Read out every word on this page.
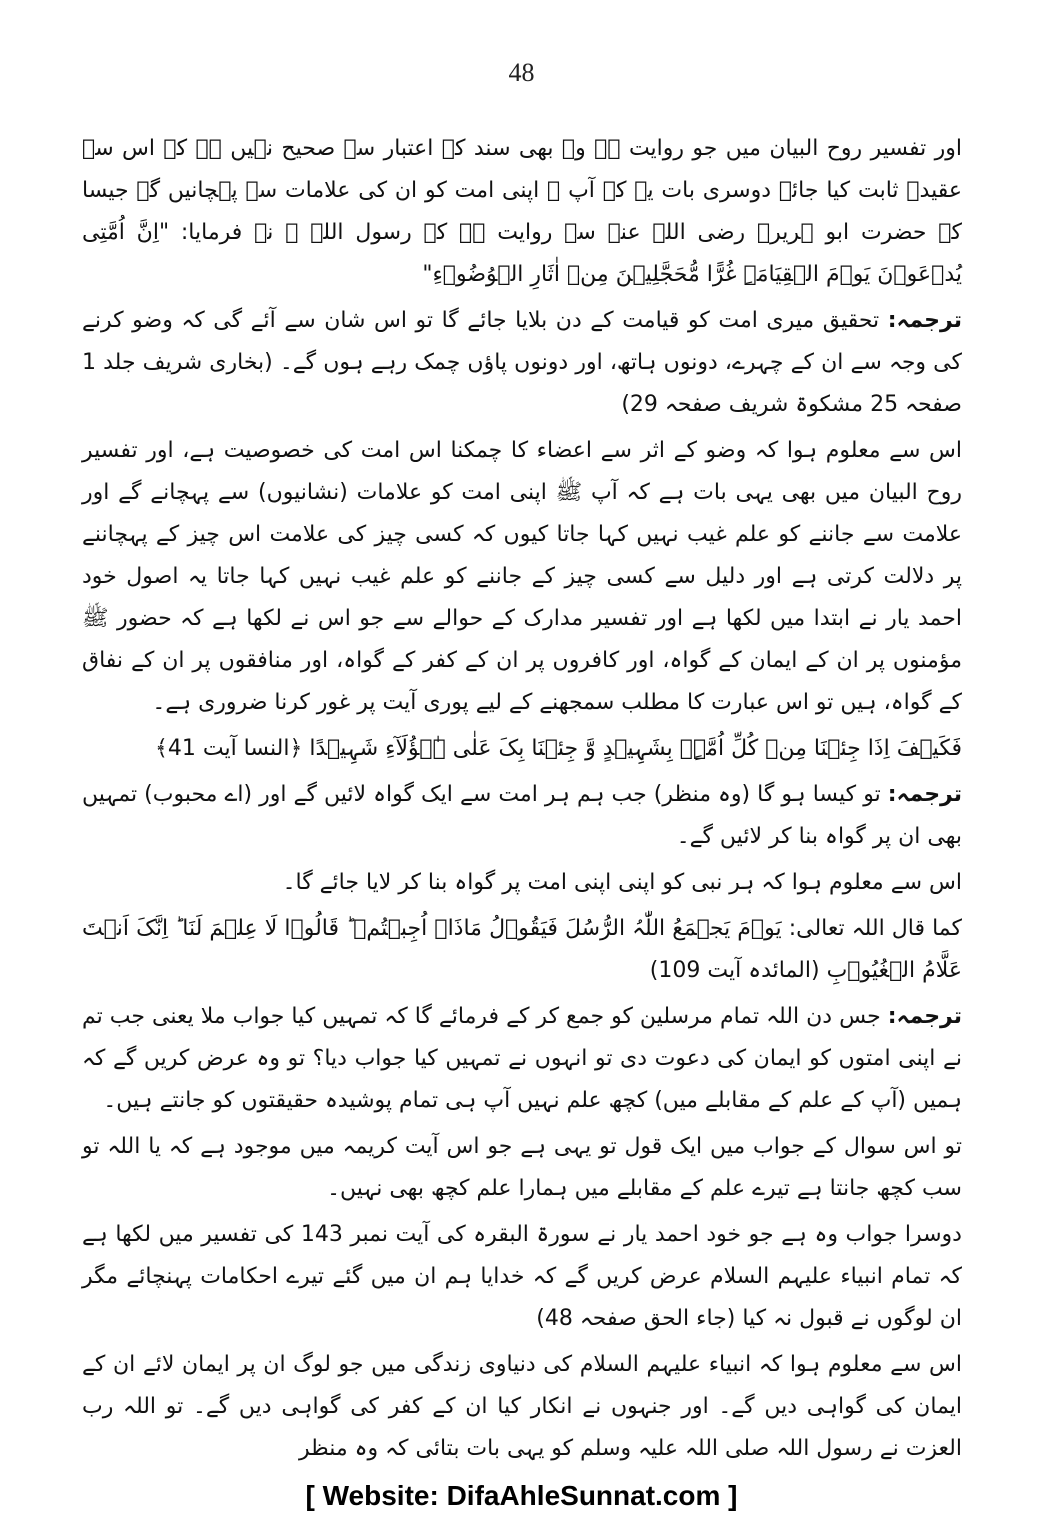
48

اور تفسیر روح البیان میں جو روایت ہے وہ بھی سند کے اعتبار سے صحیح نہیں ہے کہ اس سے عقیدہ ثابت کیا جائے دوسری بات یہ کہ آپ ﷺ اپنی امت کو ان کی علامات سے پہچانیں گے جیسا کہ حضرت ابو ہریرہ رضی اللہ عنہ سے روایت ہے کہ رسول اللہ ﷺ نے فرمایا: "اِنَّ اُمَّتِی یُدۡعَوۡنَ یَوۡمَ الۡقِیَامَۃِ غُرًّا مُّحَجَّلِیۡنَ مِنۡ اٰثَارِ الۡوُضُوۡءِ"

ترجمہ: تحقیق میری امت کو قیامت کے دن بلایا جائے گا تو اس شان سے آئے گی کہ وضو کرنے کی وجہ سے ان کے چہرے، دونوں ہاتھ، اور دونوں پاؤں چمک رہے ہوں گے۔ (بخاری شریف جلد 1 صفحہ 25 مشکوۃ شریف صفحہ 29)

اس سے معلوم ہوا کہ وضو کے اثر سے اعضاء کا چمکنا اس امت کی خصوصیت ہے، اور تفسیر روح البیان میں بھی یہی بات ہے کہ آپ ﷺ اپنی امت کو علامات (نشانیوں) سے پہچانے گے اور علامت سے جاننے کو علم غیب نہیں کہا جاتا کیوں کہ کسی چیز کی علامت اس چیز کے پہچاننے پر دلالت کرتی ہے اور دلیل سے کسی چیز کے جاننے کو علم غیب نہیں کہا جاتا یہ اصول خود احمد یار نے ابتدا میں لکھا ہے اور تفسیر مدارک کے حوالے سے جو اس نے لکھا ہے کہ حضور ﷺ مؤمنوں پر ان کے ایمان کے گواہ، اور کافروں پر ان کے کفر کے گواہ، اور منافقوں پر ان کے نفاق کے گواہ، ہیں تو اس عبارت کا مطلب سمجھنے کے لیے پوری آیت پر غور کرنا ضروری ہے۔

فَکَیۡفَ اِذَا جِئۡنَا مِنۡ کُلِّ اُمَّۃٍۭ بِشَہِیۡدٍ وَّ جِئۡنَا بِکَ عَلٰی ہٰۤؤُلَآءِ شَہِیۡدًا ﴿النسا آیت 41﴾

ترجمہ: تو کیسا ہو گا (وہ منظر) جب ہم ہر امت سے ایک گواہ لائیں گے اور (اے محبوب) تمہیں بھی ان پر گواہ بنا کر لائیں گے۔

اس سے معلوم ہوا کہ ہر نبی کو اپنی اپنی امت پر گواہ بنا کر لایا جائے گا۔

کما قال اللہ تعالی: یَوۡمَ یَجۡمَعُ اللّٰہُ الرُّسُلَ فَیَقُوۡلُ مَاذَاۤ اُجِبۡتُمۡ ؕ قَالُوۡا لَا عِلۡمَ لَنَا ؕ اِنَّکَ اَنۡتَ عَلَّامُ الۡغُیُوۡبِ (المائدہ آیت 109)

ترجمہ: جس دن اللہ تمام مرسلین کو جمع کر کے فرمائے گا کہ تمہیں کیا جواب ملا یعنی جب تم نے اپنی امتوں کو ایمان کی دعوت دی تو انہوں نے تمہیں کیا جواب دیا؟ تو وہ عرض کریں گے کہ ہمیں (آپ کے علم کے مقابلے میں) کچھ علم نہیں آپ ہی تمام پوشیدہ حقیقتوں کو جانتے ہیں۔

تو اس سوال کے جواب میں ایک قول تو یہی ہے جو اس آیت کریمہ میں موجود ہے کہ یا اللہ تو سب کچھ جانتا ہے تیرے علم کے مقابلے میں ہمارا علم کچھ بھی نہیں۔

دوسرا جواب وہ ہے جو خود احمد یار نے سورۃ البقرہ کی آیت نمبر 143 کی تفسیر میں لکھا ہے کہ تمام انبیاء علیہم السلام عرض کریں گے کہ خدایا ہم ان میں گئے تیرے احکامات پہنچائے مگر ان لوگوں نے قبول نہ کیا (جاء الحق صفحہ 48)

اس سے معلوم ہوا کہ انبیاء علیہم السلام کی دنیاوی زندگی میں جو لوگ ان پر ایمان لائے ان کے ایمان کی گواہی دیں گے۔ اور جنہوں نے انکار کیا ان کے کفر کی گواہی دیں گے۔ تو اللہ رب العزت نے رسول اللہ صلی اللہ علیہ وسلم کو یہی بات بتائی کہ وہ منظر

[ Website: DifaAhleSunnat.com ]
